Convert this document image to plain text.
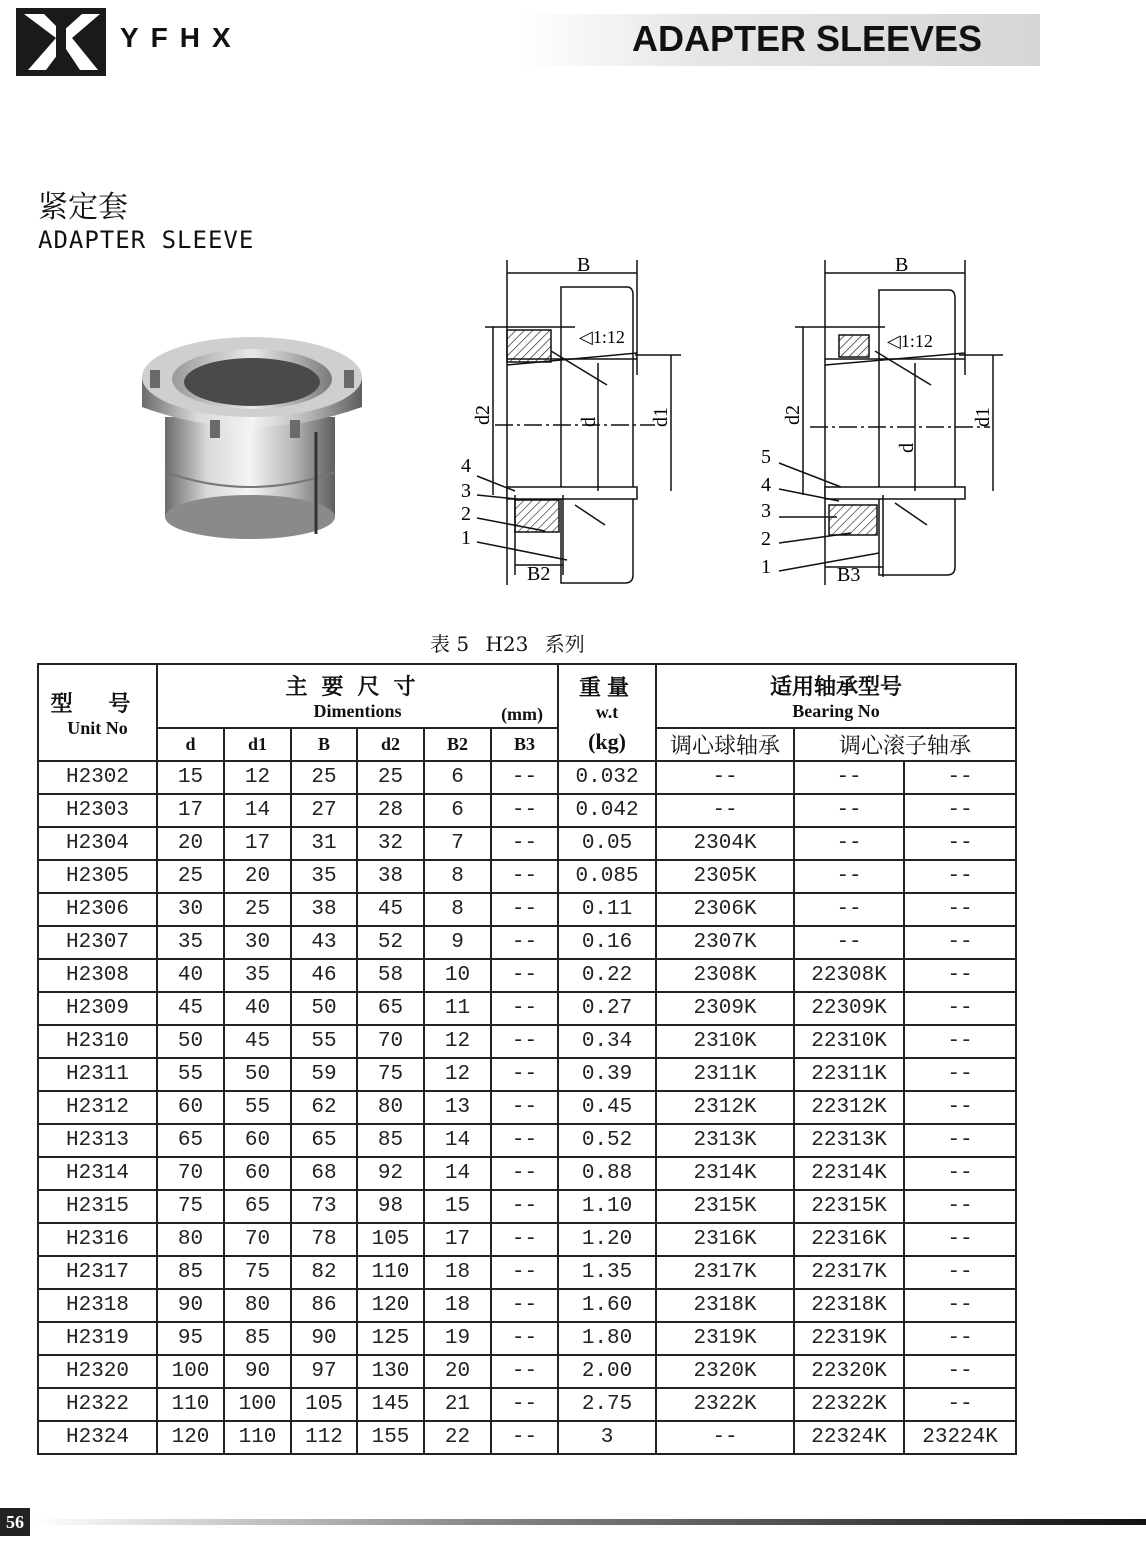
YFHX	ADAPTER SLEEVES
紧定套
ADAPTER SLEEVE
B
◁1:12
d2	d	d1
B2
4
3
2
1
B
◁1:12
d2
d
d1
B3
5
4
3
2
1
表 5 H23 系列
型 号
Unit No	主要尺寸
Dimentions (mm)						重量
w.t
(kg)	适用轴承型号
Bearing No		

	d	d1	B	d2	B2	B3		调心球轴承	调心滚子轴承	
H2302	15	12	25	25	6	--	0.032	--	--	--
H2303	17	14	27	28	6	--	0.042	--	--	--
H2304	20	17	31	32	7	--	0.05	2304K	--	--
H2305	25	20	35	38	8	--	0.085	2305K	--	--
H2306	30	25	38	45	8	--	0.11	2306K	--	--
H2307	35	30	43	52	9	--	0.16	2307K	--	--
H2308	40	35	46	58	10	--	0.22	2308K	22308K	--
H2309	45	40	50	65	11	--	0.27	2309K	22309K	--
H2310	50	45	55	70	12	--	0.34	2310K	22310K	--
H2311	55	50	59	75	12	--	0.39	2311K	22311K	--
H2312	60	55	62	80	13	--	0.45	2312K	22312K	--
H2313	65	60	65	85	14	--	0.52	2313K	22313K	--
H2314	70	60	68	92	14	--	0.88	2314K	22314K	--
H2315	75	65	73	98	15	--	1.10	2315K	22315K	--
H2316	80	70	78	105	17	--	1.20	2316K	22316K	--
H2317	85	75	82	110	18	--	1.35	2317K	22317K	--
H2318	90	80	86	120	18	--	1.60	2318K	22318K	--
H2319	95	85	90	125	19	--	1.80	2319K	22319K	--
H2320	100	90	97	130	20	--	2.00	2320K	22320K	--
H2322	110	100	105	145	21	--	2.75	2322K	22322K	--
H2324	120	110	112	155	22	--	3	--	22324K	23224K
56
